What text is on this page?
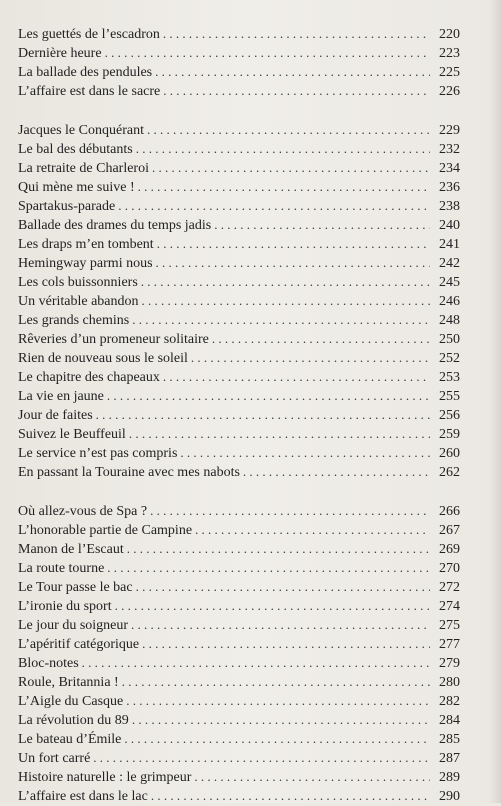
Les guettés de l’escadron . . .	220
Dernière heure . . .	223
La ballade des pendules . . .	225
L’affaire est dans le sacre . . .	226
Jacques le Conquérant . . .	229
Le bal des débutants . . .	232
La retraite de Charleroi . . .	234
Qui mène me suive ! . . .	236
Spartakus-parade . . .	238
Ballade des drames du temps jadis . . .	240
Les draps m’en tombent . . .	241
Hemingway parmi nous . . .	242
Les cols buissonniers . . .	245
Un véritable abandon . . .	246
Les grands chemins . . .	248
Rêveries d’un promeneur solitaire . . .	250
Rien de nouveau sous le soleil . . .	252
Le chapitre des chapeaux . . .	253
La vie en jaune . . .	255
Jour de faites . . .	256
Suivez le Beuffeuil . . .	259
Le service n’est pas compris . . .	260
En passant la Touraine avec mes nabots . . .	262
Où allez-vous de Spa ? . . .	266
L’honorable partie de Campine . . .	267
Manon de l’Escaut . . .	269
La route tourne . . .	270
Le Tour passe le bac . . .	272
L’ironie du sport . . .	274
Le jour du soigneur . . .	275
L’apéritif catégorique . . .	277
Bloc-notes . . .	279
Roule, Britannia ! . . .	280
L’Aigle du Casque . . .	282
La révolution du 89 . . .	284
Le bateau d’Émile . . .	285
Un fort carré . . .	287
Histoire naturelle : le grimpeur . . .	289
L’affaire est dans le lac . . .	290
